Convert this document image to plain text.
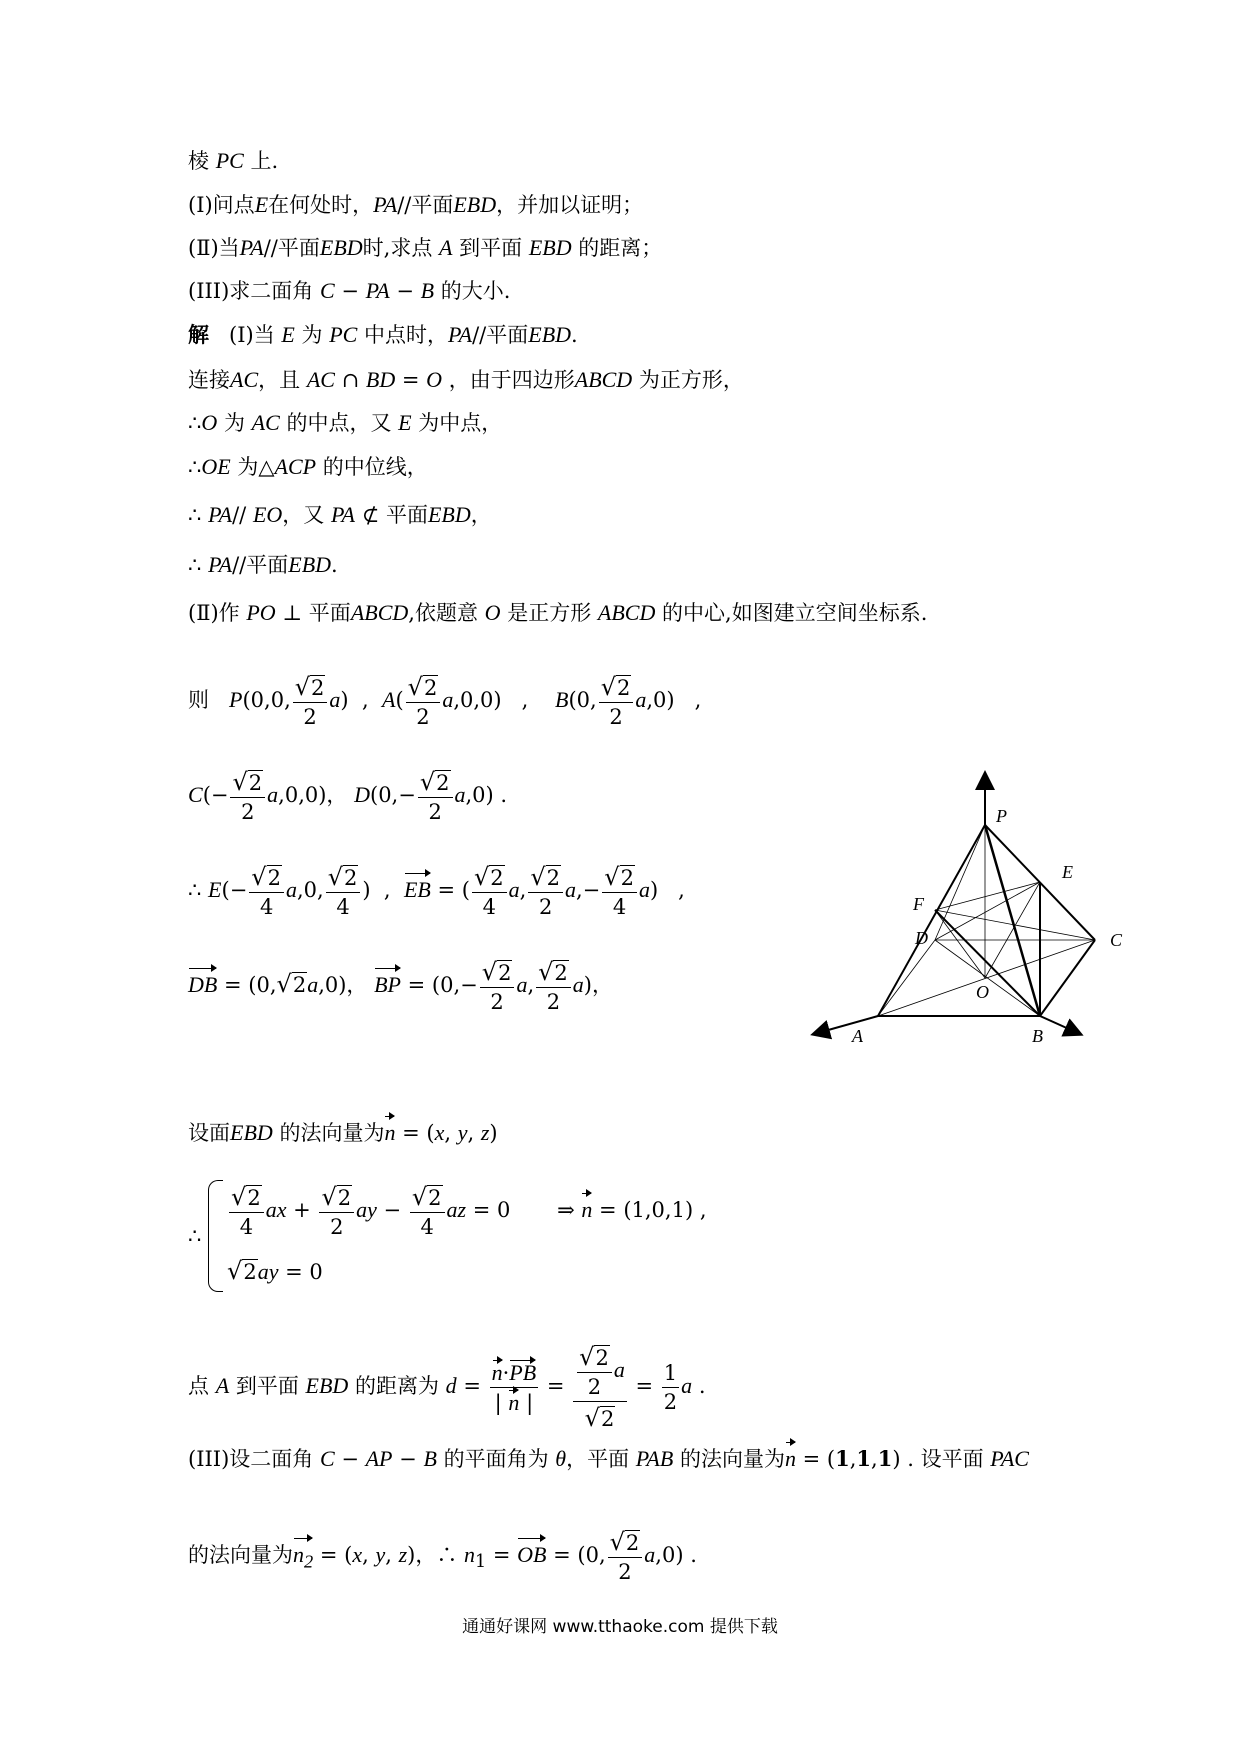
棱 PC 上.
(Ⅰ)问点E在何处时，PA//平面EBD，并加以证明；
(Ⅱ)当PA//平面EBD时,求点 A 到平面 EBD 的距离；
(III)求二面角 C − PA − B 的大小.
解 (Ⅰ)当 E 为 PC 中点时，PA//平面EBD.
连接AC，且 AC ∩ BD = O ，由于四边形ABCD 为正方形，
∴O 为 AC 的中点，又 E 为中点，
∴OE 为△ACP 的中位线，
∴ PA// EO，又 PA ⊄ 平面EBD，
∴ PA//平面EBD.
(Ⅱ)作 PO ⊥ 平面ABCD,依题意 O 是正方形 ABCD 的中心,如图建立空间坐标系.
则 P(0,0, $\frac{√2}{2} a$)  ,  $A( \frac{√2}{2} a,0,0)$   ,    B(0, $\frac{√2}{2} a,0$)   ,
$C(- \frac{√2}{2} a,0,0)$， $D(0,- \frac{√2}{2} a,0)$ .
∴ $E(- \frac{√2}{4} a,0$, $\frac{√2}{4}$ )  ,  EB = ( $\frac{√2}{4} a$, $\frac{√2}{2} a,- \frac{√2}{4} a$)   ,
DB = (0,√2a,0)， BP = ($0,- \frac{√2}{2} a$, $\frac{√2}{2} a$)，
设面EBD 的法向量为n = (x, y, z)
∴ $\frac{√2}{4}$ ax + $\frac{√2}{2}$ ay − $\frac{√2}{4}$ az = 0       ⇒ n = (1,0,1) ,
√2ay = 0
点 A 到平面 EBD 的距离为 $d = \frac{n\cdot PB}{| n |} = \frac{\frac{√2}{2} a}{√2} = \frac{1}{2}$ a .
(III)设二面角 C − AP − B 的平面角为 θ，平面 PAB 的法向量为n = (1,1,1) . 设平面 PAC
的法向量为$n_2 = (x$, y, z)，∴ $n_1$ = OB = (0, $\frac{√2}{2} a,0$) .
P
E
F
D	C
O
A	B
通通好课网 www.tthaoke.com 提供下载
